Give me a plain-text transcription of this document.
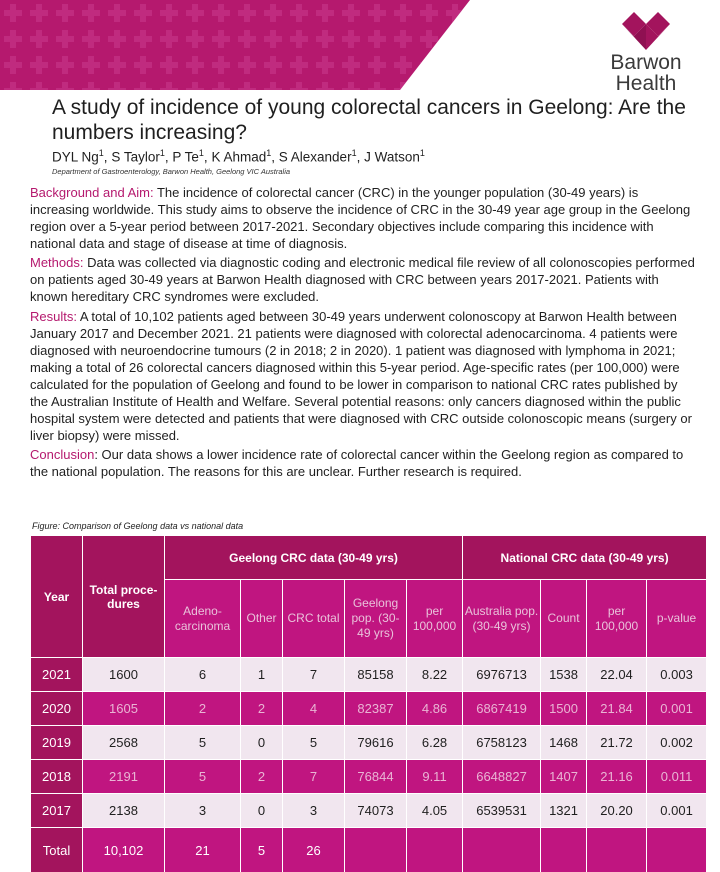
Barwon
Health
A study of incidence of young colorectal cancers in Geelong: Are the numbers increasing?
DYL Ng$^1$, S Taylor$^1$, P Te$^1$, K Ahmad$^1$, S Alexander$^1$, J Watson$^1$
Department of Gastroenterology, Barwon Health, Geelong VIC Australia

Background and Aim: The incidence of colorectal cancer (CRC) in the younger population (30-49 years) is increasing worldwide. This study aims to observe the incidence of CRC in the 30-49 year age group in the Geelong region over a 5-year period between 2017-2021. Secondary objectives include comparing this incidence with national data and stage of disease at time of diagnosis.

Methods: Data was collected via diagnostic coding and electronic medical file review of all colonoscopies performed on patients aged 30-49 years at Barwon Health diagnosed with CRC between years 2017-2021. Patients with known hereditary CRC syndromes were excluded.

Results: A total of 10,102 patients aged between 30-49 years underwent colonoscopy at Barwon Health between January 2017 and December 2021. 21 patients were diagnosed with colorectal adenocarcinoma. 4 patients were diagnosed with neuroendocrine tumours (2 in 2018; 2 in 2020). 1 patient was diagnosed with lymphoma in 2021; making a total of 26 colorectal cancers diagnosed within this 5-year period. Age-specific rates (per 100,000) were calculated for the population of Geelong and found to be lower in comparison to national CRC rates published by the Australian Institute of Health and Welfare. Several potential reasons: only cancers diagnosed within the public hospital system were detected and patients that were diagnosed with CRC outside colonoscopic means (surgery or liver biopsy) were missed.

Conclusion: Our data shows a lower incidence rate of colorectal cancer within the Geelong region as compared to the national population. The reasons for this are unclear. Further research is required.

Figure: Comparison of Geelong data vs national data
Year	Total proce-dures	Geelong CRC data (30-49 yrs)					National CRC data (30-49 yrs)			
		Adeno-carcinoma	Other	CRC total	Geelong pop. (30-49 yrs)	per 100,000	Australia pop. (30-49 yrs)	Count	per 100,000	p-value
2021	1600	6	1	7	85158	8.22	6976713	1538	22.04	0.003
2020	1605	2	2	4	82387	4.86	6867419	1500	21.84	0.001
2019	2568	5	0	5	79616	6.28	6758123	1468	21.72	0.002
2018	2191	5	2	7	76844	9.11	6648827	1407	21.16	0.011
2017	2138	3	0	3	74073	4.05	6539531	1321	20.20	0.001
Total	10,102	21	5	26						
